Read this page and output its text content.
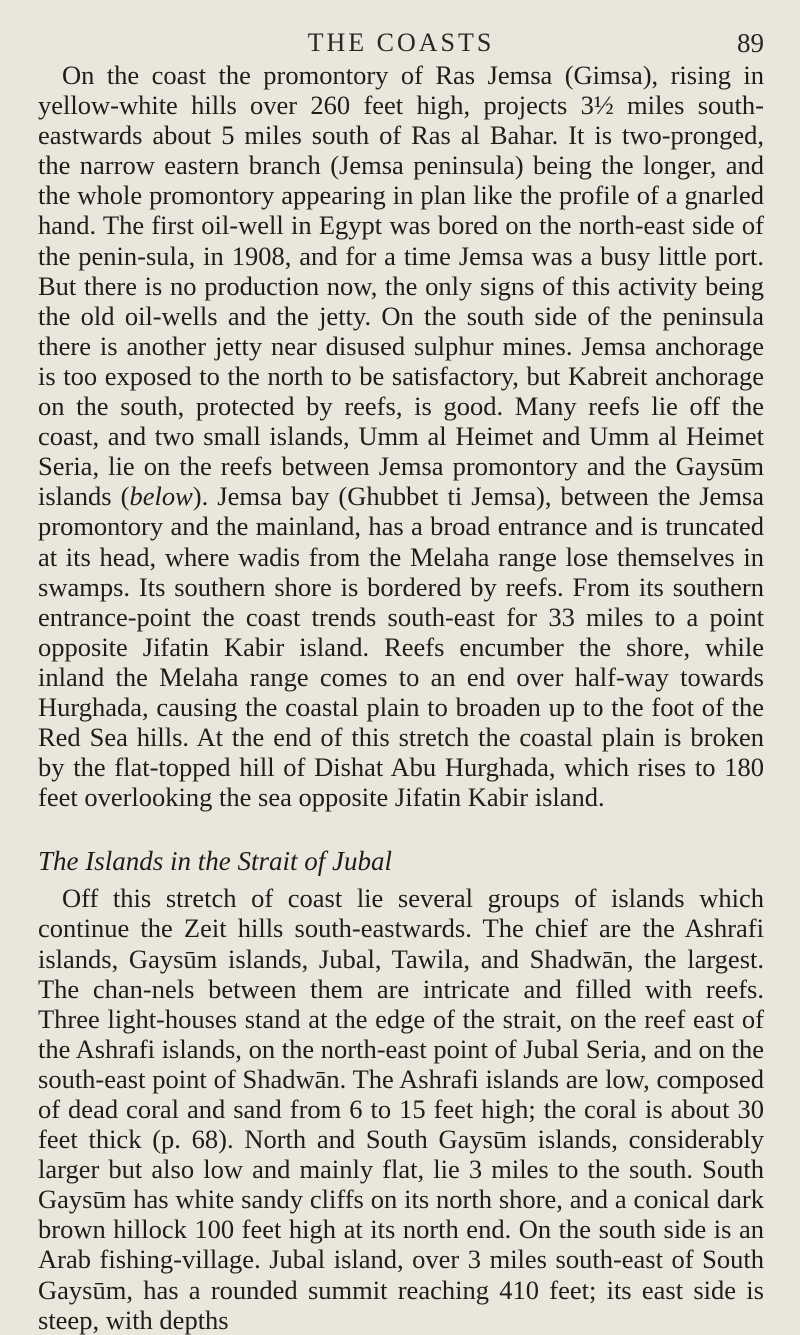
THE COASTS	89

On the coast the promontory of Ras Jemsa (Gimsa), rising in yellow-white hills over 260 feet high, projects 3½ miles south-eastwards about 5 miles south of Ras al Bahar. It is two-pronged, the narrow eastern branch (Jemsa peninsula) being the longer, and the whole promontory appearing in plan like the profile of a gnarled hand. The first oil-well in Egypt was bored on the north-east side of the penin-sula, in 1908, and for a time Jemsa was a busy little port. But there is no production now, the only signs of this activity being the old oil-wells and the jetty. On the south side of the peninsula there is another jetty near disused sulphur mines. Jemsa anchorage is too exposed to the north to be satisfactory, but Kabreit anchorage on the south, protected by reefs, is good. Many reefs lie off the coast, and two small islands, Umm al Heimet and Umm al Heimet Seria, lie on the reefs between Jemsa promontory and the Gaysūm islands (below). Jemsa bay (Ghubbet ti Jemsa), between the Jemsa promontory and the mainland, has a broad entrance and is truncated at its head, where wadis from the Melaha range lose themselves in swamps. Its southern shore is bordered by reefs. From its southern entrance-point the coast trends south-east for 33 miles to a point opposite Jifatin Kabir island. Reefs encumber the shore, while inland the Melaha range comes to an end over half-way towards Hurghada, causing the coastal plain to broaden up to the foot of the Red Sea hills. At the end of this stretch the coastal plain is broken by the flat-topped hill of Dishat Abu Hurghada, which rises to 180 feet overlooking the sea opposite Jifatin Kabir island.

The Islands in the Strait of Jubal

Off this stretch of coast lie several groups of islands which continue the Zeit hills south-eastwards. The chief are the Ashrafi islands, Gaysūm islands, Jubal, Tawila, and Shadwān, the largest. The chan-nels between them are intricate and filled with reefs. Three light-houses stand at the edge of the strait, on the reef east of the Ashrafi islands, on the north-east point of Jubal Seria, and on the south-east point of Shadwān. The Ashrafi islands are low, composed of dead coral and sand from 6 to 15 feet high; the coral is about 30 feet thick (p. 68). North and South Gaysūm islands, considerably larger but also low and mainly flat, lie 3 miles to the south. South Gaysūm has white sandy cliffs on its north shore, and a conical dark brown hillock 100 feet high at its north end. On the south side is an Arab fishing-village. Jubal island, over 3 miles south-east of South Gaysūm, has a rounded summit reaching 410 feet; its east side is steep, with depths
